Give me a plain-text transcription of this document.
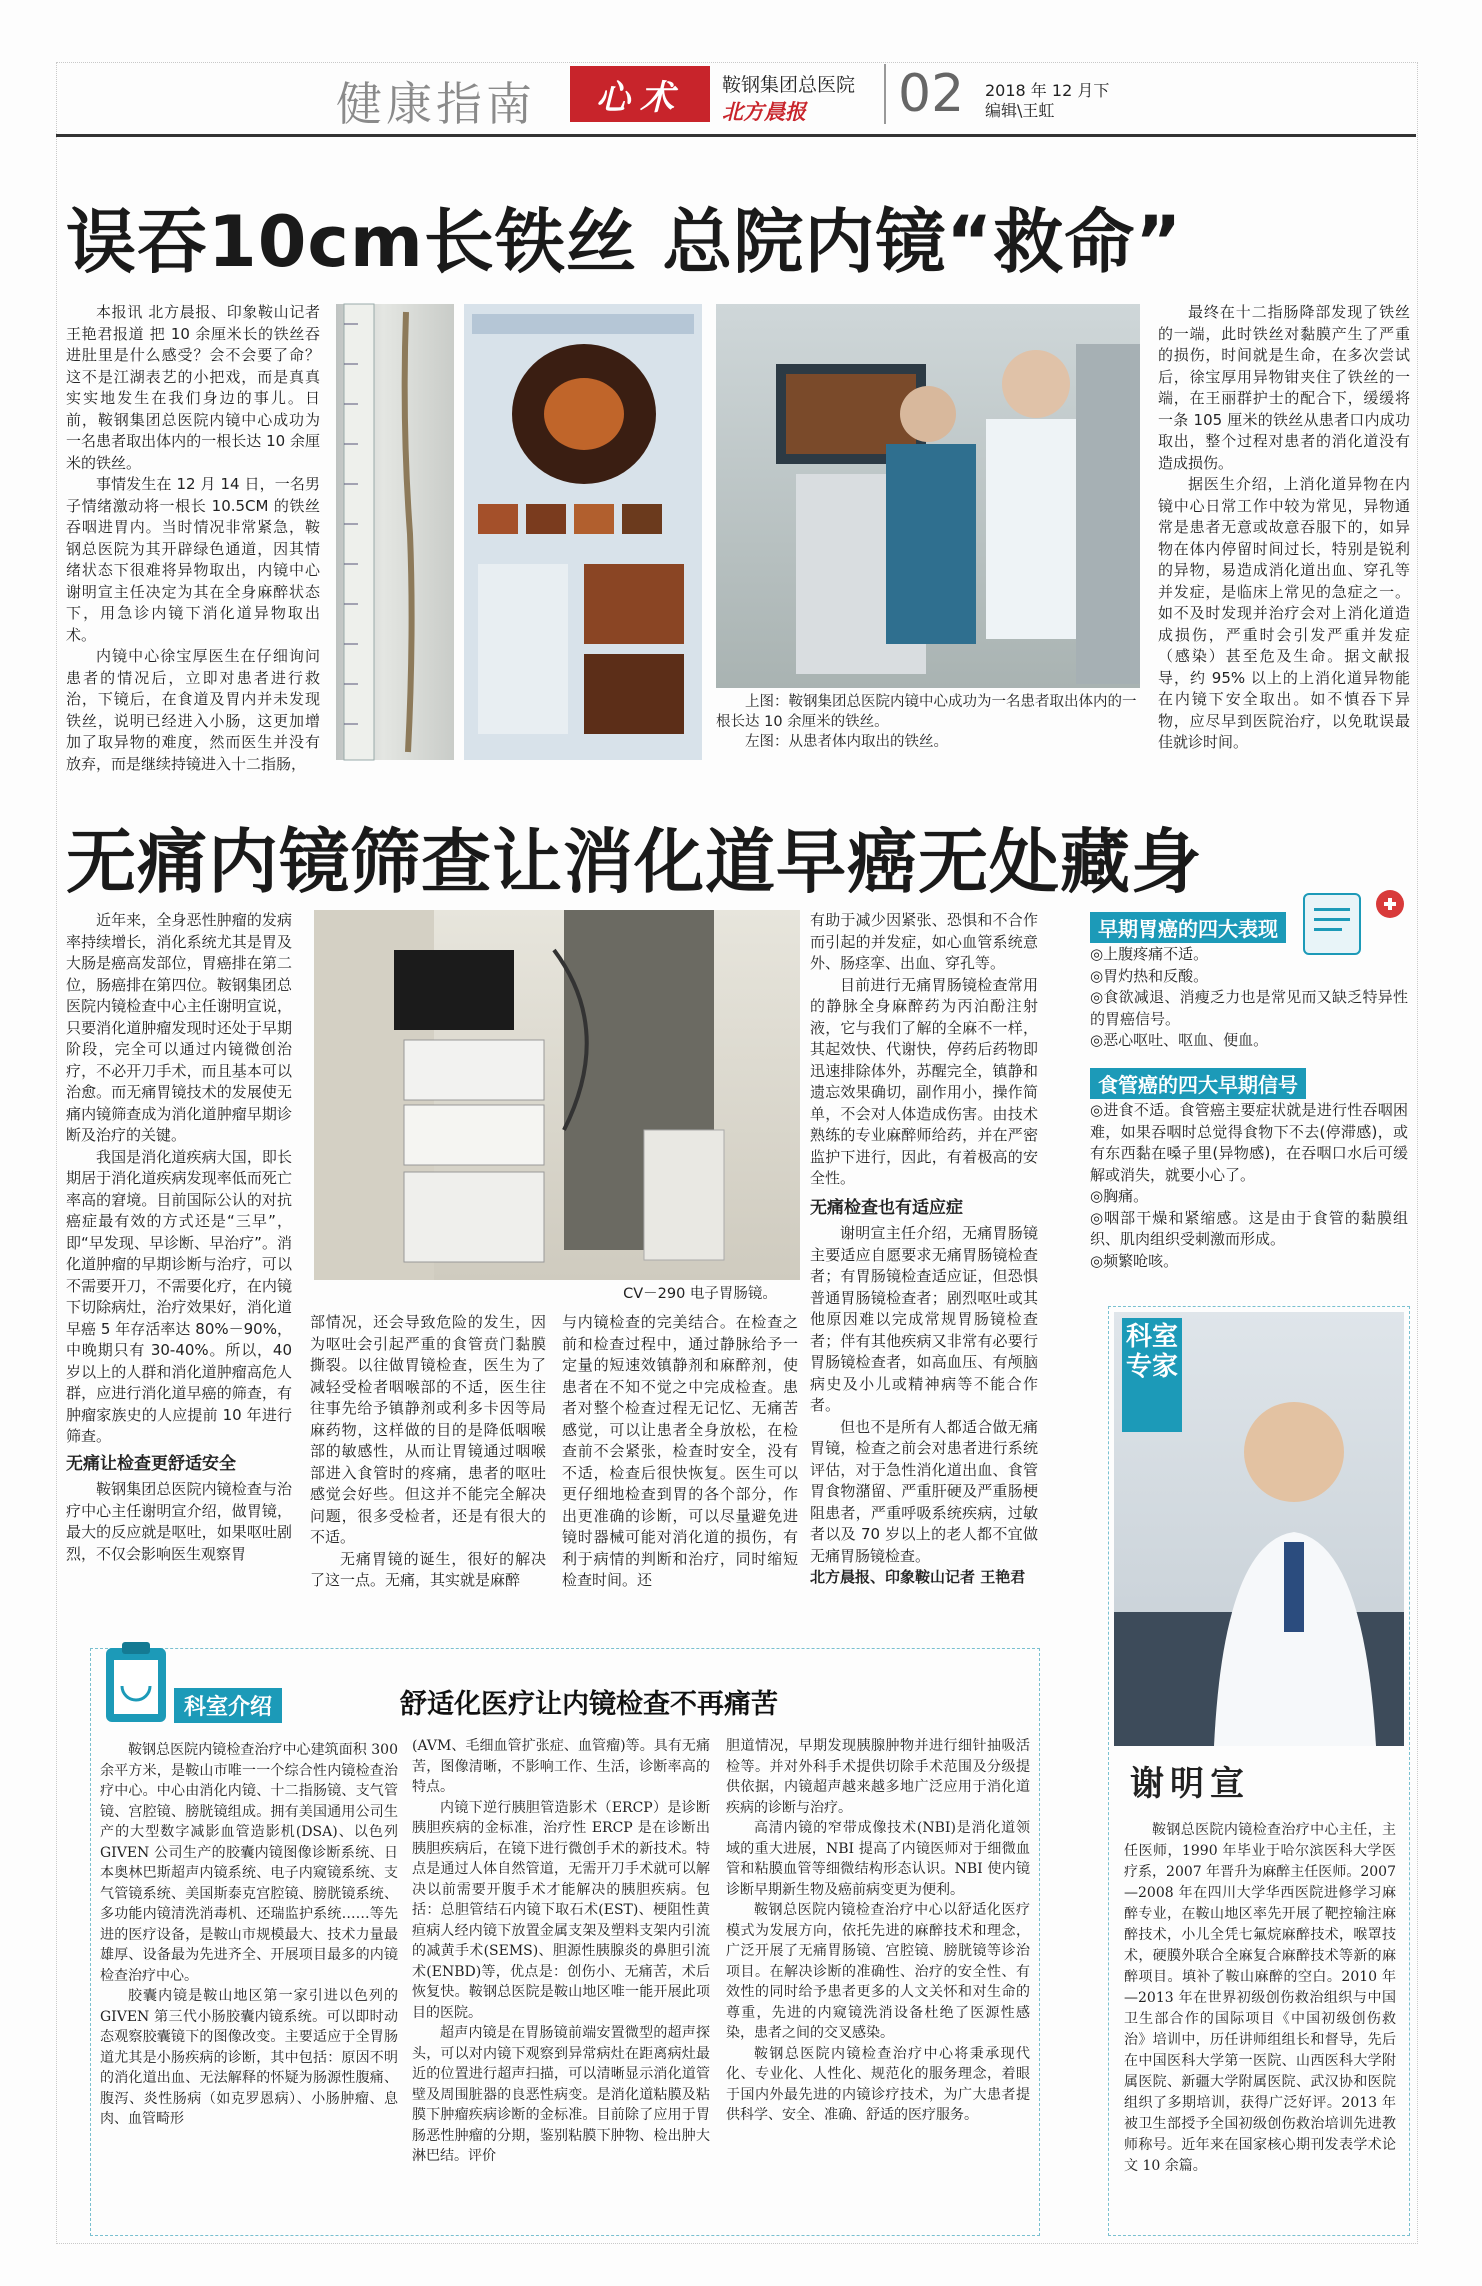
健康指南	心术	鞍钢集团总医院
北方晨报 02 2018 年 12 月下
编辑\王虹
误吞10cm长铁丝 总院内镜“救命”

本报讯 北方晨报、印象鞍山记者王艳君报道 把 10 余厘米长的铁丝吞进肚里是什么感受？会不会要了命？这不是江湖表艺的小把戏，而是真真实实地发生在我们身边的事儿。日前，鞍钢集团总医院内镜中心成功为一名患者取出体内的一根长达 10 余厘米的铁丝。

事情发生在 12 月 14 日，一名男子情绪激动将一根长 10.5CM 的铁丝吞咽进胃内。当时情况非常紧急，鞍钢总医院为其开辟绿色通道，因其情绪状态下很难将异物取出，内镜中心谢明宣主任决定为其在全身麻醉状态下，用急诊内镜下消化道异物取出术。

内镜中心徐宝厚医生在仔细询问患者的情况后，立即对患者进行救治，下镜后，在食道及胃内并未发现铁丝，说明已经进入小肠，这更加增加了取异物的难度，然而医生并没有放弃，而是继续持镜进入十二指肠，

上图：鞍钢集团总医院内镜中心成功为一名患者取出体内的一根长达 10 余厘米的铁丝。
左图：从患者体内取出的铁丝。

最终在十二指肠降部发现了铁丝的一端，此时铁丝对黏膜产生了严重的损伤，时间就是生命，在多次尝试后，徐宝厚用异物钳夹住了铁丝的一端，在王丽群护士的配合下，缓缓将一条 105 厘米的铁丝从患者口内成功取出，整个过程对患者的消化道没有造成损伤。

据医生介绍，上消化道异物在内镜中心日常工作中较为常见，异物通常是患者无意或故意吞服下的，如异物在体内停留时间过长，特别是锐利的异物，易造成消化道出血、穿孔等并发症，是临床上常见的急症之一。如不及时发现并治疗会对上消化道造成损伤，严重时会引发严重并发症（感染）甚至危及生命。据文献报导，约 95% 以上的上消化道异物能在内镜下安全取出。如不慎吞下异物，应尽早到医院治疗，以免耽误最佳就诊时间。

无痛内镜筛查让消化道早癌无处藏身

近年来，全身恶性肿瘤的发病率持续增长，消化系统尤其是胃及大肠是癌高发部位，胃癌排在第二位，肠癌排在第四位。鞍钢集团总医院内镜检查中心主任谢明宣说，只要消化道肿瘤发现时还处于早期阶段，完全可以通过内镜微创治疗，不必开刀手术，而且基本可以治愈。而无痛胃镜技术的发展使无痛内镜筛查成为消化道肿瘤早期诊断及治疗的关键。

我国是消化道疾病大国，即长期居于消化道疾病发现率低而死亡率高的窘境。目前国际公认的对抗癌症最有效的方式还是“三早”，即“早发现、早诊断、早治疗”。消化道肿瘤的早期诊断与治疗，可以不需要开刀，不需要化疗，在内镜下切除病灶，治疗效果好，消化道早癌 5 年存活率达 80%－90%，中晚期只有 30-40%。所以，40 岁以上的人群和消化道肿瘤高危人群，应进行消化道早癌的筛查，有肿瘤家族史的人应提前 10 年进行筛查。

无痛让检查更舒适安全

鞍钢集团总医院内镜检查与治疗中心主任谢明宣介绍，做胃镜，最大的反应就是呕吐，如果呕吐剧烈，不仅会影响医生观察胃

CV－290 电子胃肠镜。

部情况，还会导致危险的发生，因为呕吐会引起严重的食管贲门黏膜撕裂。以往做胃镜检查，医生为了减轻受检者咽喉部的不适，医生往往事先给予镇静剂或利多卡因等局麻药物，这样做的目的是降低咽喉部的敏感性，从而让胃镜通过咽喉部进入食管时的疼痛，患者的呕吐感觉会好些。但这并不能完全解决问题，很多受检者，还是有很大的不适。

无痛胃镜的诞生，很好的解决了这一点。无痛，其实就是麻醉

与内镜检查的完美结合。在检查之前和检查过程中，通过静脉给予一定量的短速效镇静剂和麻醉剂，使患者在不知不觉之中完成检查。患者对整个检查过程无记忆、无痛苦感觉，可以让患者全身放松，在检查前不会紧张，检查时安全，没有不适，检查后很快恢复。医生可以更仔细地检查到胃的各个部分，作出更准确的诊断，可以尽量避免进镜时器械可能对消化道的损伤，有利于病情的判断和治疗，同时缩短检查时间。还

有助于减少因紧张、恐惧和不合作而引起的并发症，如心血管系统意外、肠痉挛、出血、穿孔等。

目前进行无痛胃肠镜检查常用的静脉全身麻醉药为丙泊酚注射液，它与我们了解的全麻不一样，其起效快、代谢快，停药后药物即迅速排除体外，苏醒完全，镇静和遗忘效果确切，副作用小，操作简单，不会对人体造成伤害。由技术熟练的专业麻醉师给药，并在严密监护下进行，因此，有着极高的安全性。

无痛检查也有适应症

谢明宣主任介绍，无痛胃肠镜主要适应自愿要求无痛胃肠镜检查者；有胃肠镜检查适应证，但恐惧普通胃肠镜检查者；剧烈呕吐或其他原因难以完成常规胃肠镜检查者；伴有其他疾病又非常有必要行胃肠镜检查者，如高血压、有颅脑病史及小儿或精神病等不能合作者。

但也不是所有人都适合做无痛胃镜，检查之前会对患者进行系统评估，对于急性消化道出血、食管胃食物潴留、严重肝硬及严重肠梗阻患者，严重呼吸系统疾病，过敏者以及 70 岁以上的老人都不宜做无痛胃肠镜检查。

北方晨报、印象鞍山记者 王艳君
早期胃癌的四大表现
◎上腹疼痛不适。
◎胃灼热和反酸。
◎食欲减退、消瘦乏力也是常见而又缺乏特异性的胃癌信号。
◎恶心呕吐、呕血、便血。
食管癌的四大早期信号
◎进食不适。食管癌主要症状就是进行性吞咽困难，如果吞咽时总觉得食物下不去(停滞感)，或有东西黏在嗓子里(异物感)，在吞咽口水后可缓解或消失，就要小心了。
◎胸痛。
◎咽部干燥和紧缩感。这是由于食管的黏膜组织、肌肉组织受刺激而形成。
◎频繁呛咳。
科室专家
谢明宣

鞍钢总医院内镜检查治疗中心主任，主任医师，1990 年毕业于哈尔滨医科大学医疗系，2007 年晋升为麻醉主任医师。2007—2008 年在四川大学华西医院进修学习麻醉专业，在鞍山地区率先开展了靶控输注麻醉技术，小儿全凭七氟烷麻醉技术，喉罩技术，硬膜外联合全麻复合麻醉技术等新的麻醉项目。填补了鞍山麻醉的空白。2010 年—2013 年在世界初级创伤救治组织与中国卫生部合作的国际项目《中国初级创伤救治》培训中，历任讲师组组长和督导，先后在中国医科大学第一医院、山西医科大学附属医院、新疆大学附属医院、武汉协和医院组织了多期培训，获得广泛好评。2013 年被卫生部授予全国初级创伤救治培训先进教师称号。近年来在国家核心期刊发表学术论文 10 余篇。

科室介绍	舒适化医疗让内镜检查不再痛苦

鞍钢总医院内镜检查治疗中心建筑面积 300 余平方米，是鞍山市唯一一个综合性内镜检查治疗中心。中心由消化内镜、十二指肠镜、支气管镜、宫腔镜、膀胱镜组成。拥有美国通用公司生产的大型数字减影血管造影机(DSA)、以色列 GIVEN 公司生产的胶囊内镜图像诊断系统、日本奥林巴斯超声内镜系统、电子内窥镜系统、支气管镜系统、美国斯泰克宫腔镜、膀胱镜系统、多功能内镜清洗消毒机、还瑞监护系统……等先进的医疗设备，是鞍山市规模最大、技术力量最雄厚、设备最为先进齐全、开展项目最多的内镜检查治疗中心。

胶囊内镜是鞍山地区第一家引进以色列的 GIVEN 第三代小肠胶囊内镜系统。可以即时动态观察胶囊镜下的图像改变。主要适应于全胃肠道尤其是小肠疾病的诊断，其中包括：原因不明的消化道出血、无法解释的怀疑为肠源性腹痛、腹泻、炎性肠病（如克罗恩病）、小肠肿瘤、息肉、血管畸形

(AVM、毛细血管扩张症、血管瘤)等。具有无痛苦，图像清晰，不影响工作、生活，诊断率高的特点。

内镜下逆行胰胆管造影术（ERCP）是诊断胰胆疾病的金标准，治疗性 ERCP 是在诊断出胰胆疾病后，在镜下进行微创手术的新技术。特点是通过人体自然管道，无需开刀手术就可以解决以前需要开腹手术才能解决的胰胆疾病。包括：总胆管结石内镜下取石术(EST)、梗阻性黄疸病人经内镜下放置金属支架及塑料支架内引流的减黄手术(SEMS)、胆源性胰腺炎的鼻胆引流术(ENBD)等，优点是：创伤小、无痛苦，术后恢复快。鞍钢总医院是鞍山地区唯一能开展此项目的医院。

超声内镜是在胃肠镜前端安置微型的超声探头，可以对内镜下观察到异常病灶在距离病灶最近的位置进行超声扫描，可以清晰显示消化道管壁及周围脏器的良恶性病变。是消化道粘膜及粘膜下肿瘤疾病诊断的金标准。目前除了应用于胃肠恶性肿瘤的分期，鉴别粘膜下肿物、检出肿大淋巴结。评价

胆道情况，早期发现胰腺肿物并进行细针抽吸活检等。并对外科手术提供切除手术范围及分级提供依据，内镜超声越来越多地广泛应用于消化道疾病的诊断与治疗。

高清内镜的窄带成像技术(NBI)是消化道领域的重大进展，NBI 提高了内镜医师对于细微血管和粘膜血管等细微结构形态认识。NBI 使内镜诊断早期新生物及癌前病变更为便利。

鞍钢总医院内镜检查治疗中心以舒适化医疗模式为发展方向，依托先进的麻醉技术和理念，广泛开展了无痛胃肠镜、宫腔镜、膀胱镜等诊治项目。在解决诊断的准确性、治疗的安全性、有效性的同时给予患者更多的人文关怀和对生命的尊重，先进的内窥镜洗消设备杜绝了医源性感染，患者之间的交叉感染。

鞍钢总医院内镜检查治疗中心将秉承现代化、专业化、人性化、规范化的服务理念，着眼于国内外最先进的内镜诊疗技术，为广大患者提供科学、安全、准确、舒适的医疗服务。
